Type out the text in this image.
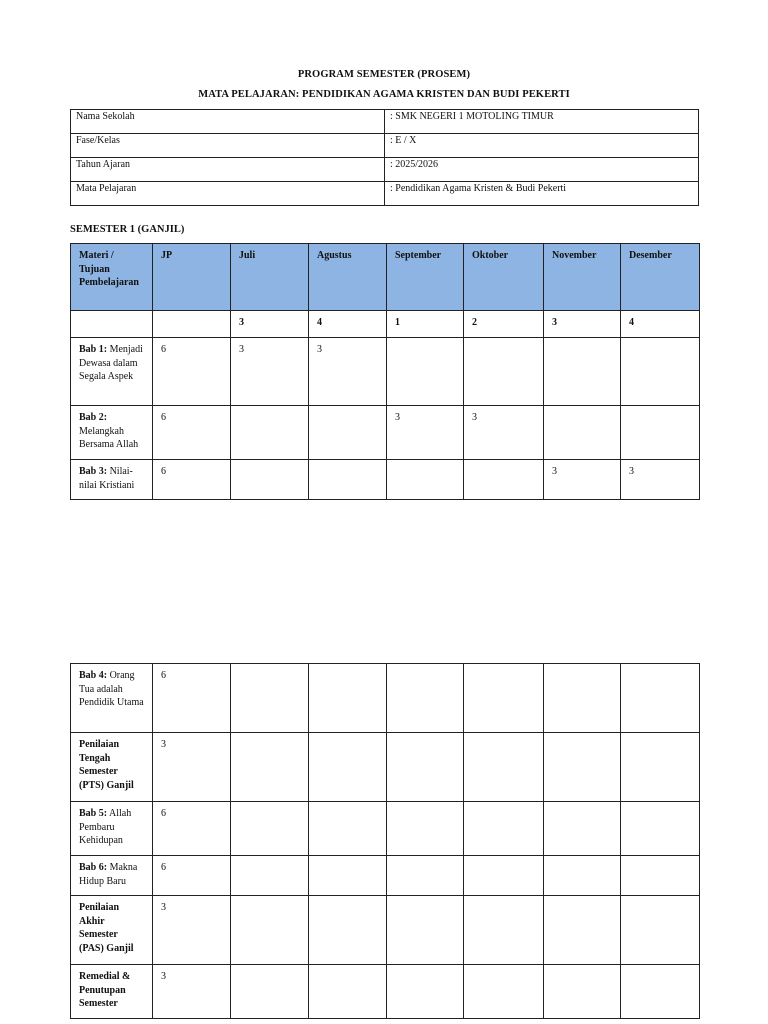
PROGRAM SEMESTER (PROSEM)
MATA PELAJARAN: PENDIDIKAN AGAMA KRISTEN DAN BUDI PEKERTI
Nama Sekolah	: SMK NEGERI 1 MOTOLING TIMUR
Fase/Kelas	: E / X
Tahun Ajaran	: 2025/2026
Mata Pelajaran	: Pendidikan Agama Kristen & Budi Pekerti
SEMESTER 1 (GANJIL)
Materi / Tujuan Pembelajaran	JP	Juli	Agustus	September	Oktober	November	Desember
		3	4	1	2	3	4
Bab 1: Menjadi Dewasa dalam Segala Aspek	6	3	3				
Bab 2: Melangkah Bersama Allah	6			3	3		
Bab 3: Nilai-nilai Kristiani	6					3	3
Bab 4: Orang Tua adalah Pendidik Utama	6						
Penilaian Tengah Semester (PTS) Ganjil	3						
Bab 5: Allah Pembaru Kehidupan	6						
Bab 6: Makna Hidup Baru	6						
Penilaian Akhir Semester (PAS) Ganjil	3						
Remedial & Penutupan Semester	3						
